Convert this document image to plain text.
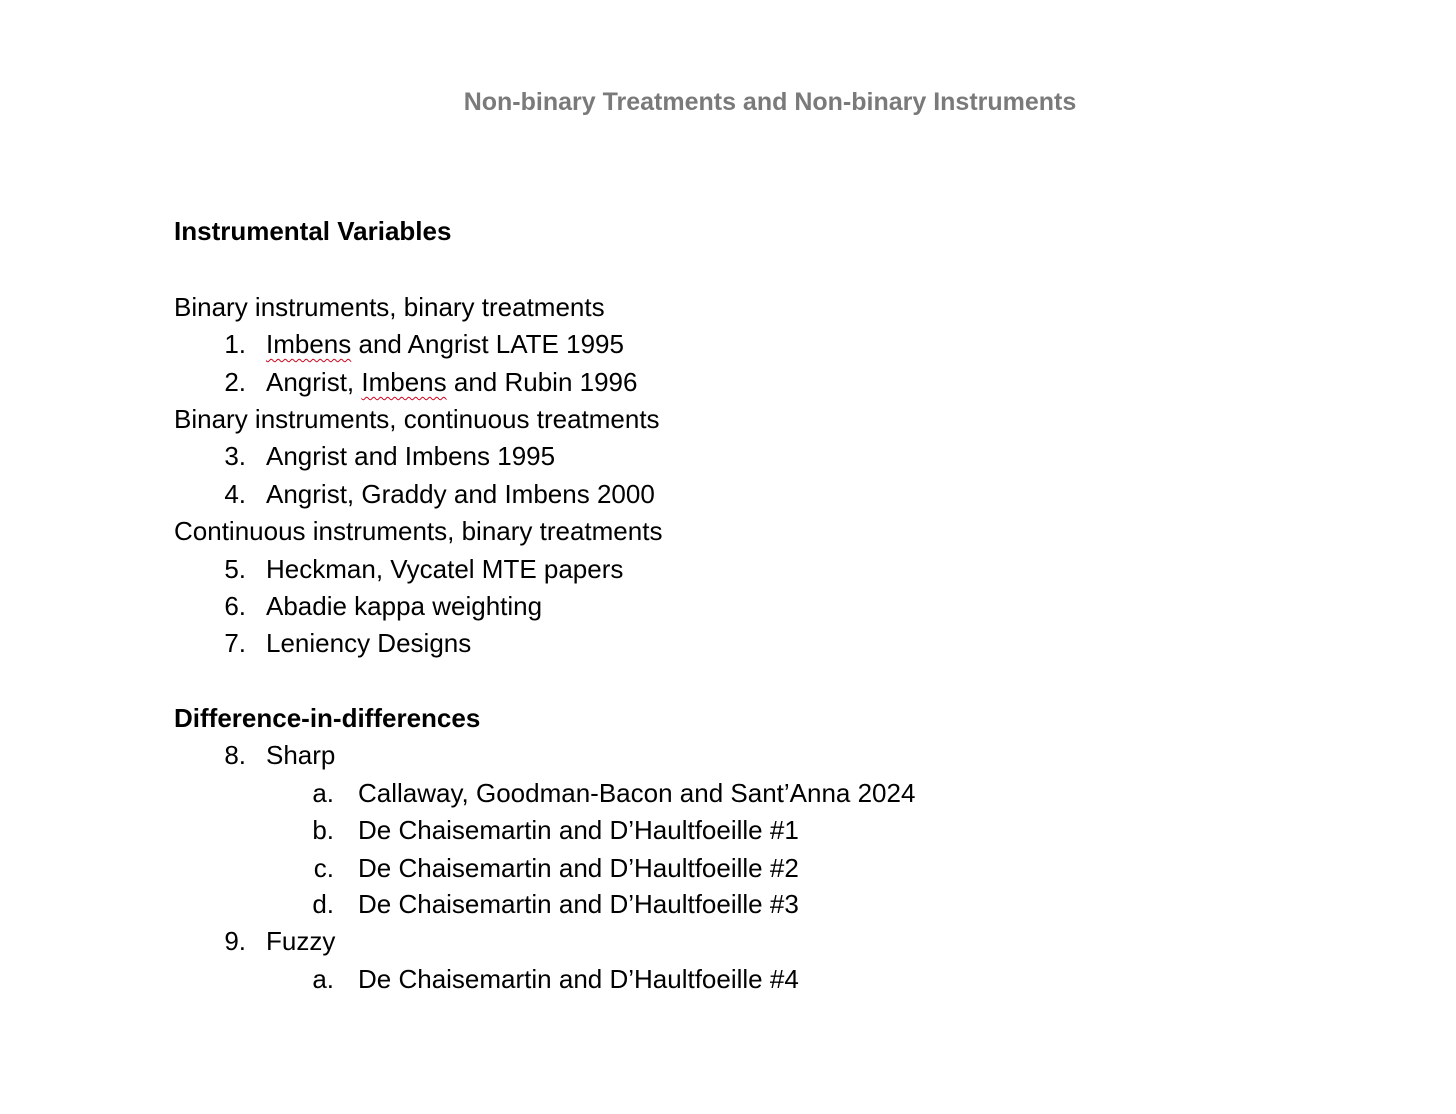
Non-binary Treatments and Non-binary Instruments
Instrumental Variables
Binary instruments, binary treatments
1. Imbens and Angrist LATE 1995
2. Angrist, Imbens and Rubin 1996
Binary instruments, continuous treatments
3. Angrist and Imbens 1995
4. Angrist, Graddy and Imbens 2000
Continuous instruments, binary treatments
5. Heckman, Vycatel MTE papers
6. Abadie kappa weighting
7. Leniency Designs
Difference-in-differences
8. Sharp
a. Callaway, Goodman-Bacon and Sant’Anna 2024
b. De Chaisemartin and D’Haultfoeille #1
c. De Chaisemartin and D’Haultfoeille #2
d. De Chaisemartin and D’Haultfoeille #3
9. Fuzzy
a. De Chaisemartin and D’Haultfoeille #4
